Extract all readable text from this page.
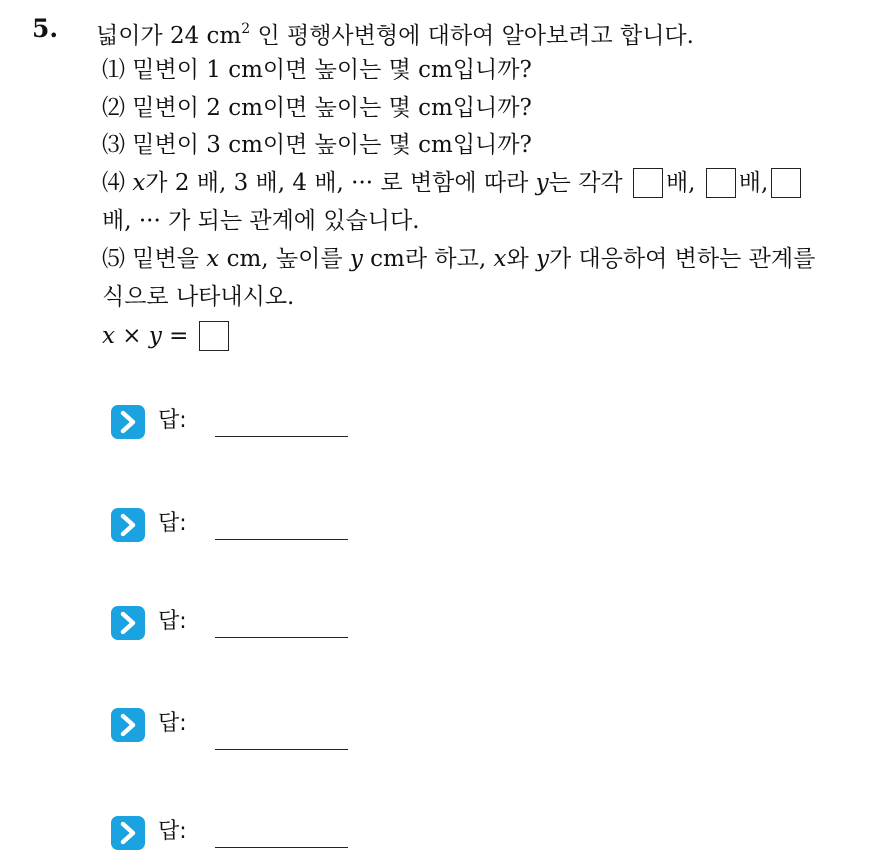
5. 넓이가 24 $cm^2$ 인 평행사변형에 대하여 알아보려고 합니다.
⑴ 밑변이 1 cm이면 높이는 몇 cm입니까?
⑵ 밑변이 2 cm이면 높이는 몇 cm입니까?
⑶ 밑변이 3 cm이면 높이는 몇 cm입니까?
⑷ x가 2 배, 3 배, 4 배, ··· 로 변함에 따라 y는 각각 배, 배,
배, ··· 가 되는 관계에 있습니다.
⑸ 밑변을 x cm, 높이를 y cm라 하고, x와 y가 대응하여 변하는 관계를
식으로 나타내시오.
x × y =
답:
답:
답:
답:
답:
